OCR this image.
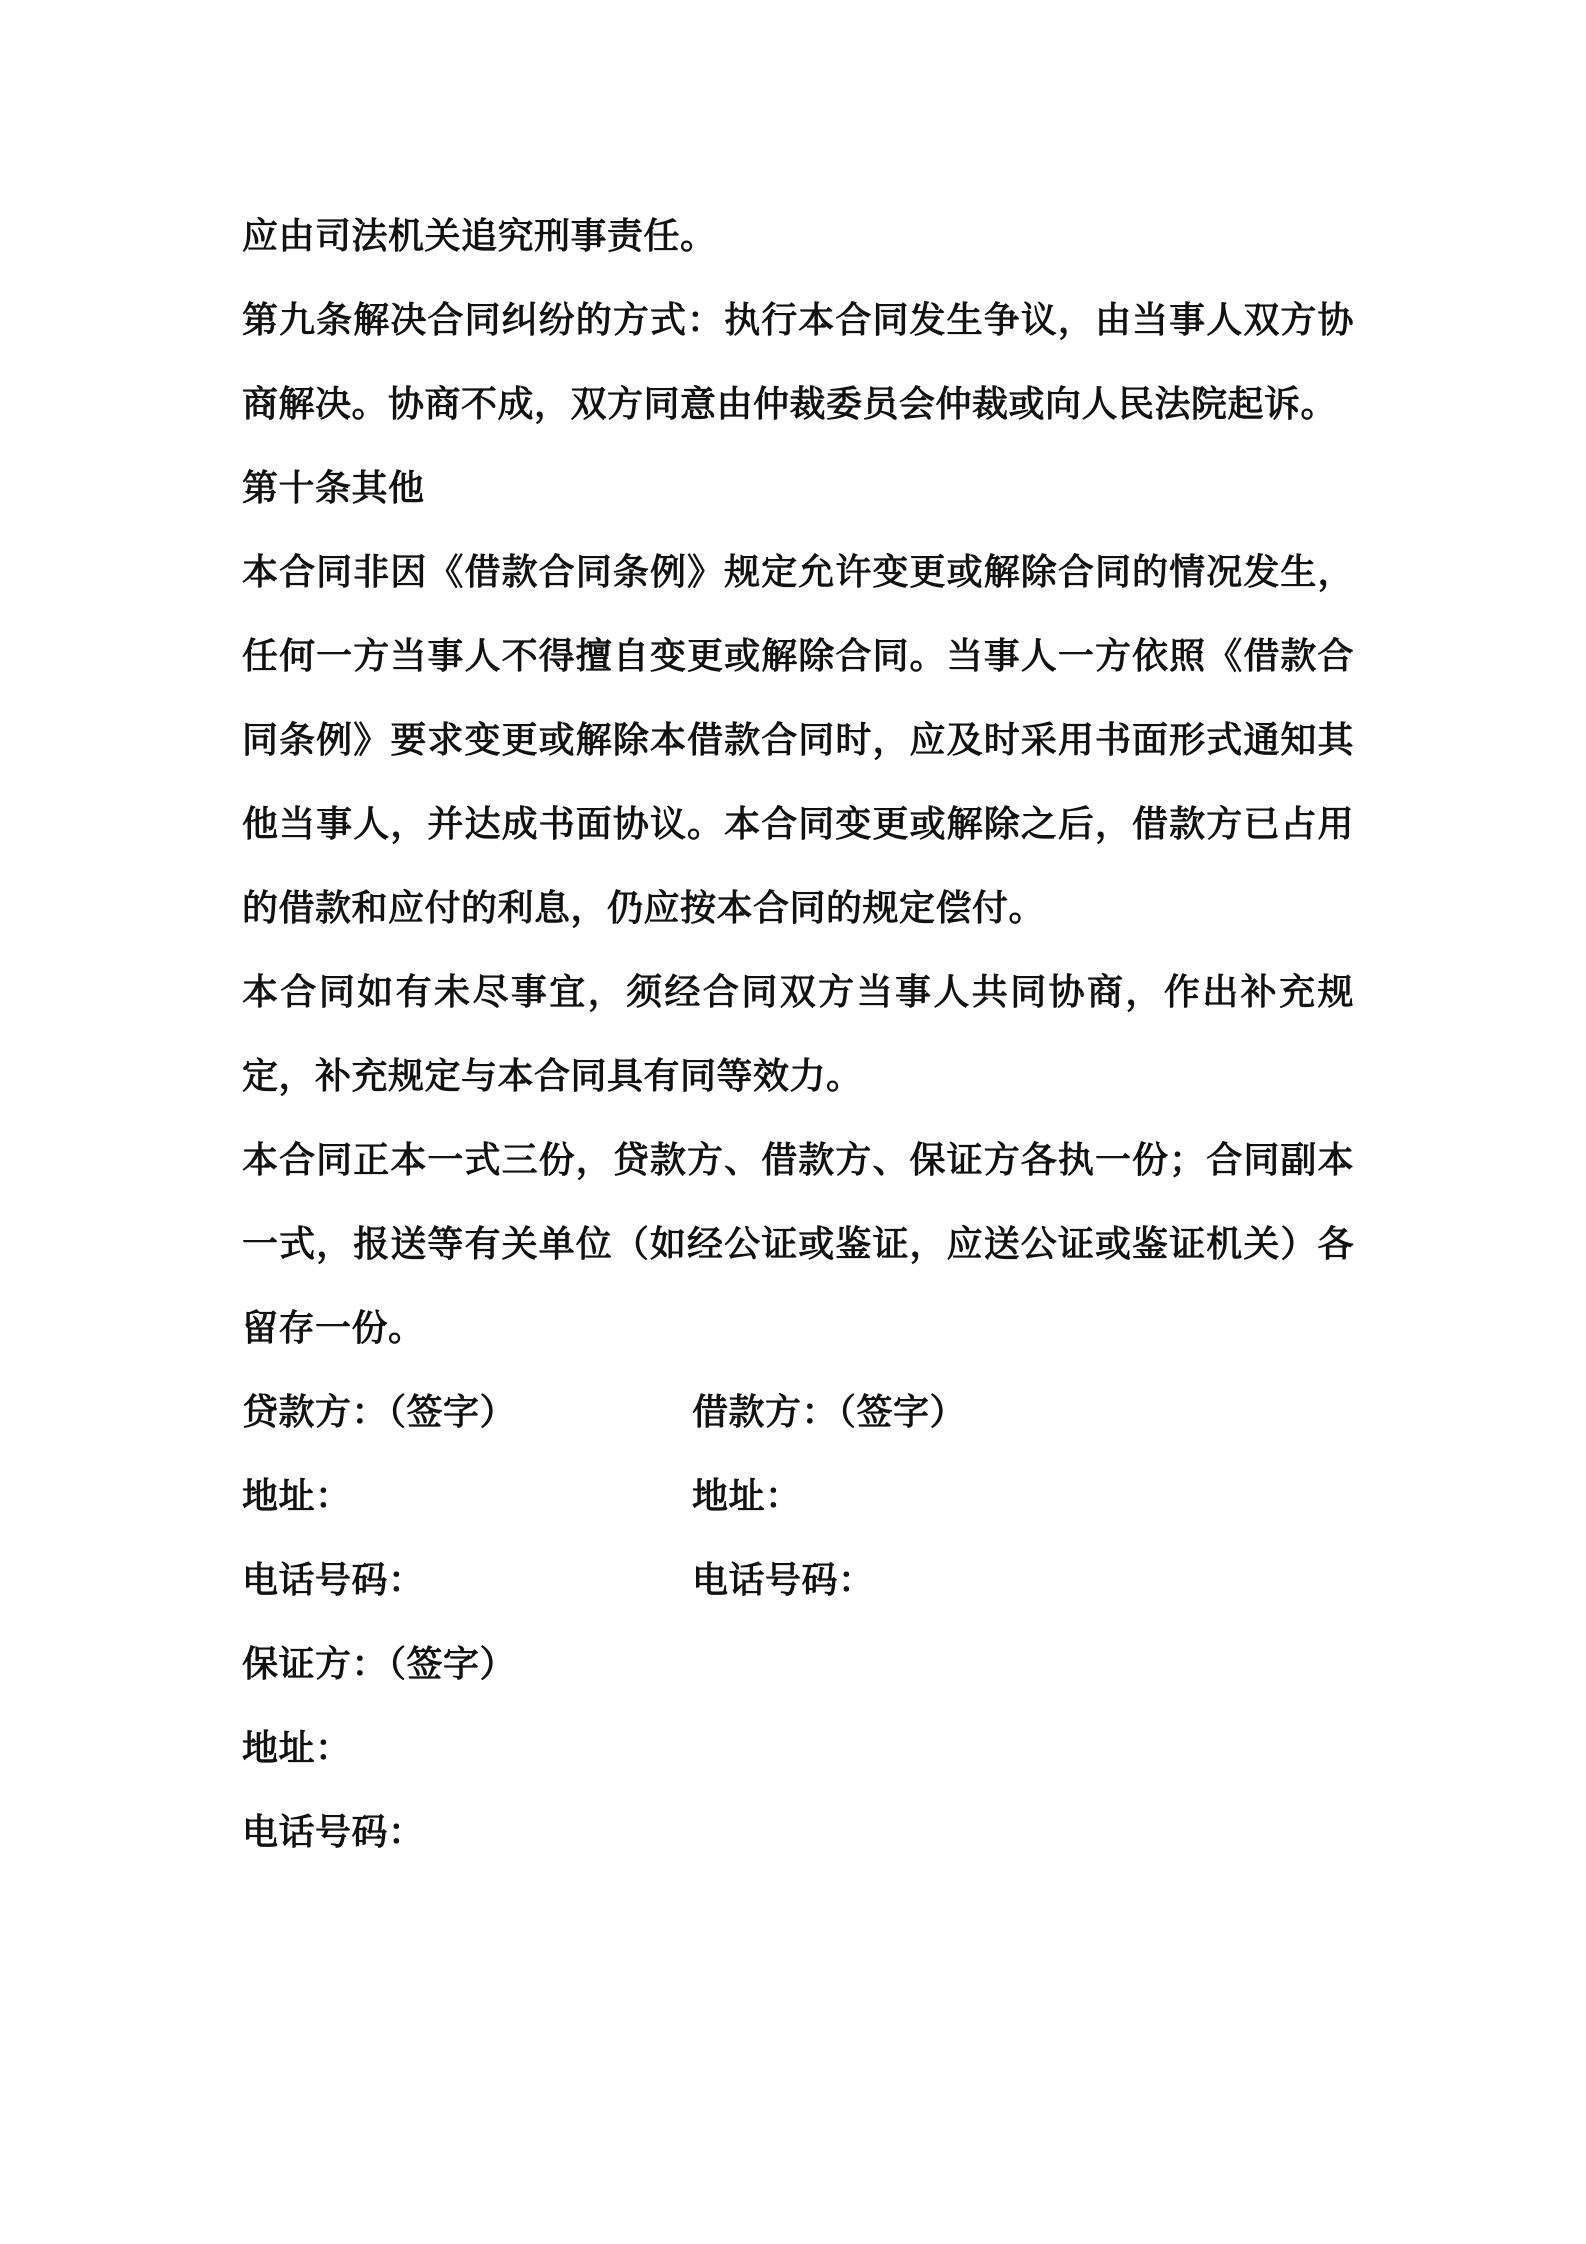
应由司法机关追究刑事责任。

第九条解决合同纠纷的方式：执行本合同发生争议，由当事人双方协商解决。协商不成，双方同意由仲裁委员会仲裁或向人民法院起诉。

第十条其他

本合同非因《借款合同条例》规定允许变更或解除合同的情况发生，任何一方当事人不得擅自变更或解除合同。当事人一方依照《借款合同条例》要求变更或解除本借款合同时，应及时采用书面形式通知其他当事人，并达成书面协议。本合同变更或解除之后，借款方已占用的借款和应付的利息，仍应按本合同的规定偿付。

本合同如有未尽事宜，须经合同双方当事人共同协商，作出补充规定，补充规定与本合同具有同等效力。

本合同正本一式三份，贷款方、借款方、保证方各执一份；合同副本一式，报送等有关单位（如经公证或鉴证，应送公证或鉴证机关）各留存一份。

贷款方：（签字）	借款方：（签字）
地址：	地址：
电话号码：	电话号码：
保证方：（签字）
地址：
电话号码：
